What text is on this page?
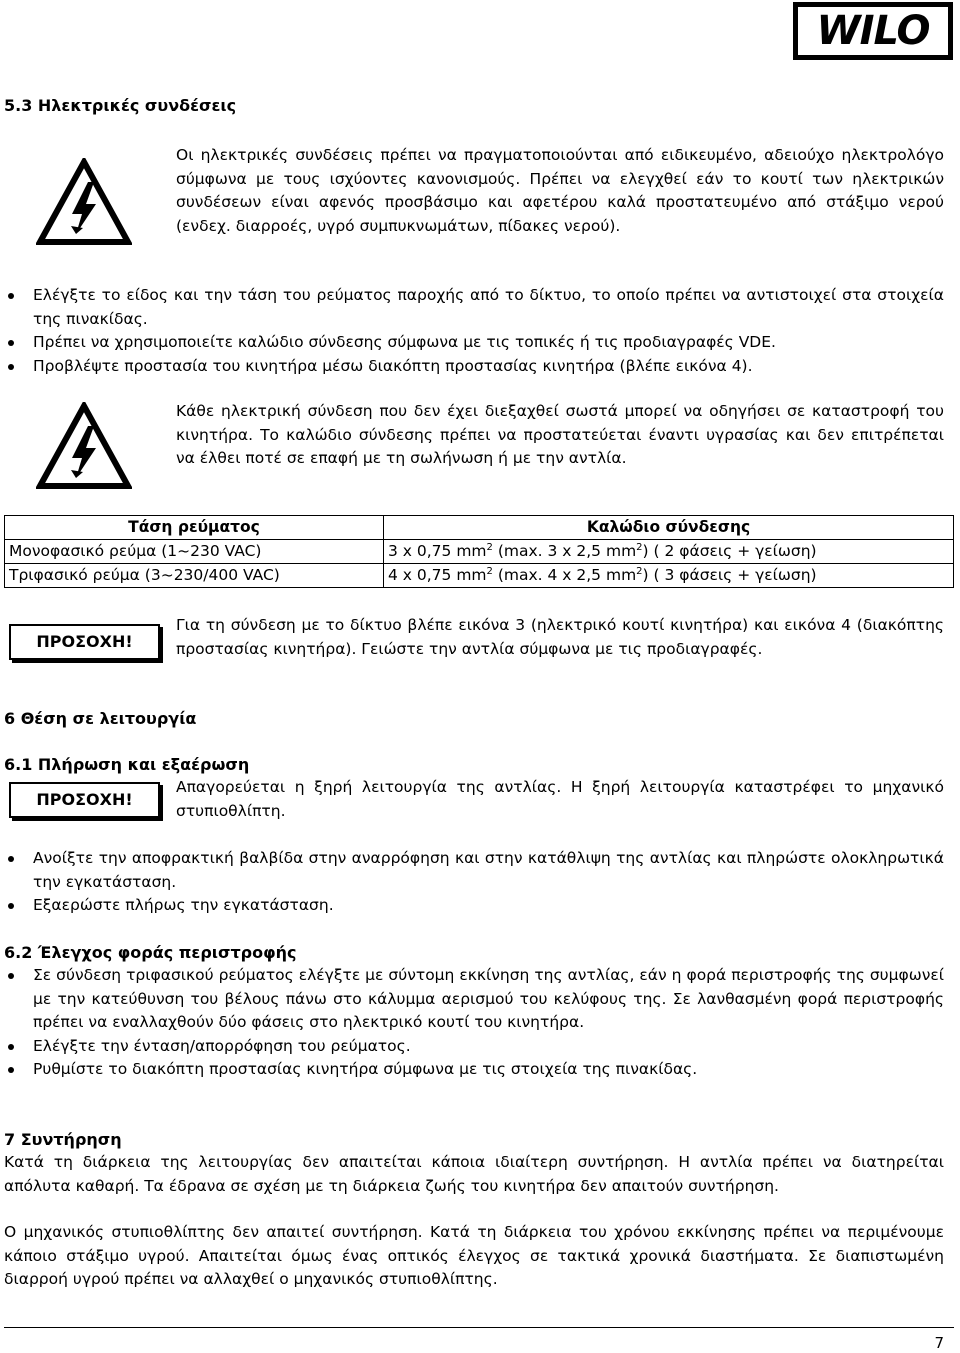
WILO
5.3 Ηλεκτρικές συνδέσεις

Οι ηλεκτρικές συνδέσεις πρέπει να πραγματοποιούνται από ειδικευμένο, αδειούχο ηλεκτρολόγο σύμφωνα με τους ισχύοντες κανονισμούς. Πρέπει να ελεγχθεί εάν το κουτί των ηλεκτρικών συνδέσεων είναι αφενός προσβάσιμο και αφετέρου καλά προστατευμένο από στάξιμο νερού (ενδεχ. διαρροές, υγρό συμπυκνωμάτων, πίδακες νερού).

Ελέγξτε το είδος και την τάση του ρεύματος παροχής από το δίκτυο, το οποίο πρέπει να αντιστοιχεί στα στοιχεία της πινακίδας.
Πρέπει να χρησιμοποιείτε καλώδιο σύνδεσης σύμφωνα με τις τοπικές ή τις προδιαγραφές VDE.
Προβλέψτε προστασία του κινητήρα μέσω διακόπτη προστασίας κινητήρα (βλέπε εικόνα 4).

Κάθε ηλεκτρική σύνδεση που δεν έχει διεξαχθεί σωστά μπορεί να οδηγήσει σε καταστροφή του κινητήρα. Το καλώδιο σύνδεσης πρέπει να προστατεύεται έναντι υγρασίας και δεν επιτρέπεται να έλθει ποτέ σε επαφή με τη σωλήνωση ή με την αντλία.

Τάση ρεύματος	Καλώδιο σύνδεσης
Μονοφασικό ρεύμα (1~230 VAC)	3 x 0,75 $mm^2$ (max. 3 x 2,5 $mm^2$) ( 2 φάσεις + γείωση)
Τριφασικό ρεύμα (3~230/400 VAC)	4 x 0,75 $mm^2$ (max. 4 x 2,5 $mm^2$) ( 3 φάσεις + γείωση)
ΠΡΟΣΟΧΗ!

Για τη σύνδεση με το δίκτυο βλέπε εικόνα 3 (ηλεκτρικό κουτί κινητήρα) και εικόνα 4 (διακόπτης προστασίας κινητήρα). Γειώστε την αντλία σύμφωνα με τις προδιαγραφές.

6 Θέση σε λειτουργία
6.1 Πλήρωση και εξαέρωση
ΠΡΟΣΟΧΗ!

Απαγορεύεται η ξηρή λειτουργία της αντλίας. Η ξηρή λειτουργία καταστρέφει το μηχανικό στυπιοθλίπτη.

Ανοίξτε την αποφρακτική βαλβίδα στην αναρρόφηση και στην κατάθλιψη της αντλίας και πληρώστε ολοκληρωτικά την εγκατάσταση.
Εξαερώστε πλήρως την εγκατάσταση.
6.2 Έλεγχος φοράς περιστροφής
Σε σύνδεση τριφασικού ρεύματος ελέγξτε με σύντομη εκκίνηση της αντλίας, εάν η φορά περιστροφής της συμφωνεί με την κατεύθυνση του βέλους πάνω στο κάλυμμα αερισμού του κελύφους της. Σε λανθασμένη φορά περιστροφής πρέπει να εναλλαχθούν δύο φάσεις στο ηλεκτρικό κουτί του κινητήρα.
Ελέγξτε την ένταση/απορρόφηση του ρεύματος.
Ρυθμίστε το διακόπτη προστασίας κινητήρα σύμφωνα με τις στοιχεία της πινακίδας.
7 Συντήρηση

Κατά τη διάρκεια της λειτουργίας δεν απαιτείται κάποια ιδιαίτερη συντήρηση. Η αντλία πρέπει να διατηρείται απόλυτα καθαρή. Τα έδρανα σε σχέση με τη διάρκεια ζωής του κινητήρα δεν απαιτούν συντήρηση.

Ο μηχανικός στυπιοθλίπτης δεν απαιτεί συντήρηση. Κατά τη διάρκεια του χρόνου εκκίνησης πρέπει να περιμένουμε κάποιο στάξιμο υγρού. Απαιτείται όμως ένας οπτικός έλεγχος σε τακτικά χρονικά διαστήματα. Σε διαπιστωμένη διαρροή υγρού πρέπει να αλλαχθεί ο μηχανικός στυπιοθλίπτης.

7
